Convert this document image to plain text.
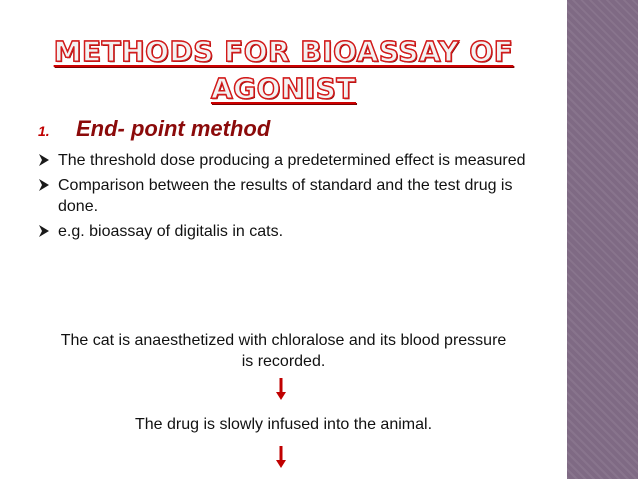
METHODS FOR BIOASSAY OF
AGONIST
1. End- point method
The threshold dose producing a predetermined effect is measured
Comparison between the results of standard and the test drug is done.
e.g. bioassay of digitalis in cats.
The cat is anaesthetized with chloralose and its blood pressure
is recorded.
The drug is slowly infused into the animal.
